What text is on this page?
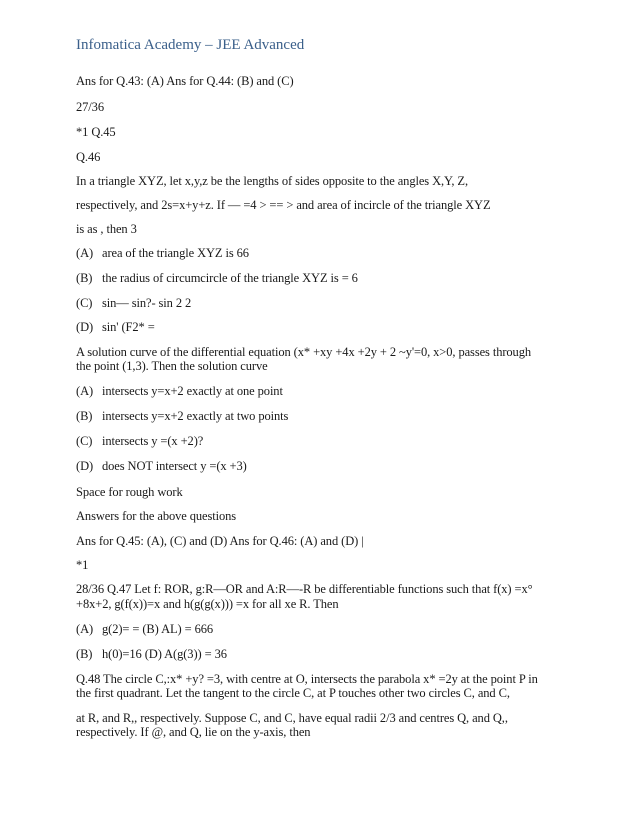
Infomatica Academy – JEE Advanced
Ans for Q.43: (A) Ans for Q.44: (B) and (C)
27/36
*1 Q.45
Q.46
In a triangle XYZ, let x,y,z be the lengths of sides opposite to the angles X,Y, Z,
respectively, and 2s=x+y+z. If — =4 > == > and area of incircle of the triangle XYZ
is as , then 3
(A) area of the triangle XYZ is 66
(B) the radius of circumcircle of the triangle XYZ is = 6
(C) sin— sin?- sin 2 2
(D) sin' (F2* =
A solution curve of the differential equation (x* +xy +4x +2y + 2 ~y'=0, x>0, passes through
the point (1,3). Then the solution curve
(A) intersects y=x+2 exactly at one point
(B) intersects y=x+2 exactly at two points
(C) intersects y =(x +2)?
(D) does NOT intersect y =(x +3)
Space for rough work
Answers for the above questions
Ans for Q.45: (A), (C) and (D) Ans for Q.46: (A) and (D) |
*1
28/36 Q.47 Let f: ROR, g:R—OR and A:R—-R be differentiable functions such that f(x) =x°
+8x+2, g(f(x))=x and h(g(g(x))) =x for all xe R. Then
(A) g(2)= = (B) AL) = 666
(B) h(0)=16 (D) A(g(3)) = 36
Q.48 The circle C,:x* +y? =3, with centre at O, intersects the parabola x* =2y at the point P in
the first quadrant. Let the tangent to the circle C, at P touches other two circles C, and C,
at R, and R,, respectively. Suppose C, and C, have equal radii 2/3 and centres Q, and Q,,
respectively. If @, and Q, lie on the y-axis, then
